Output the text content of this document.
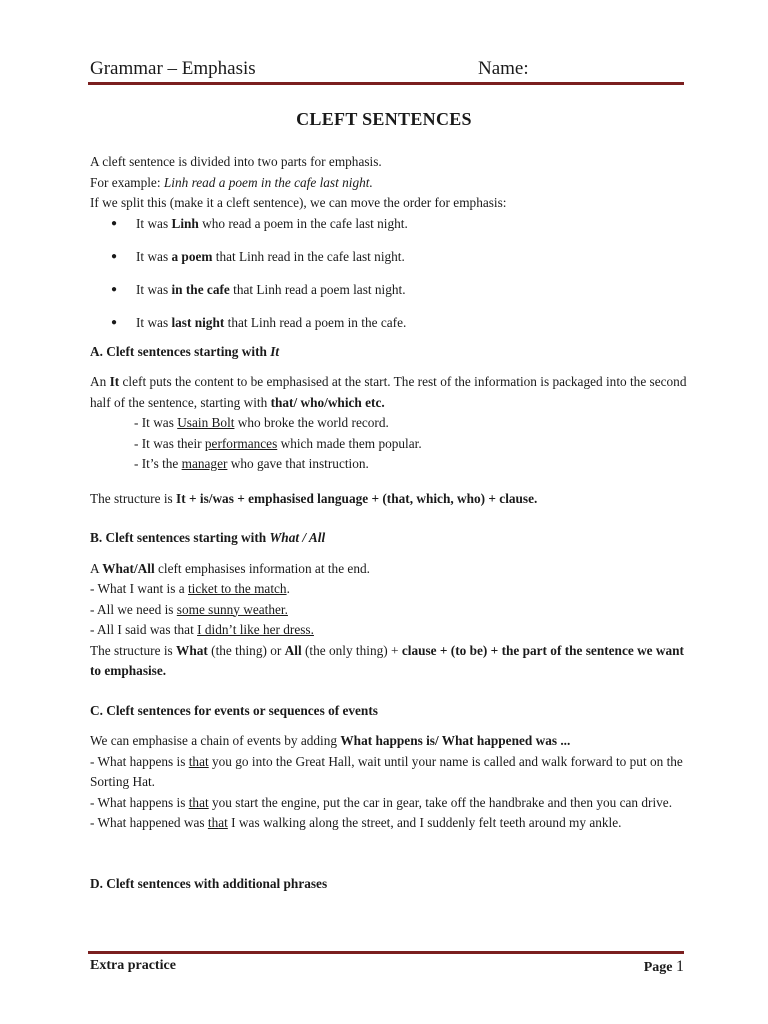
Grammar – Emphasis	Name:
CLEFT SENTENCES

A cleft sentence is divided into two parts for emphasis.

For example: Linh read a poem in the cafe last night.

If we split this (make it a cleft sentence), we can move the order for emphasis:

● It was Linh who read a poem in the cafe last night.
● It was a poem that Linh read in the cafe last night.
● It was in the cafe that Linh read a poem last night.
● It was last night that Linh read a poem in the cafe.

A. Cleft sentences starting with It

An It cleft puts the content to be emphasised at the start. The rest of the information is packaged into the second half of the sentence, starting with that/ who/which etc.

- It was Usain Bolt who broke the world record.

- It was their performances which made them popular.

- It’s the manager who gave that instruction.

The structure is It + is/was + emphasised language + (that, which, who) + clause.

B. Cleft sentences starting with What / All

A What/All cleft emphasises information at the end.

- What I want is a ticket to the match.

- All we need is some sunny weather.

- All I said was that I didn’t like her dress.

The structure is What (the thing) or All (the only thing) + clause + (to be) + the part of the sentence we want to emphasise.

C. Cleft sentences for events or sequences of events

We can emphasise a chain of events by adding What happens is/ What happened was ...

- What happens is that you go into the Great Hall, wait until your name is called and walk forward to put on the Sorting Hat.

- What happens is that you start the engine, put the car in gear, take off the handbrake and then you can drive.

- What happened was that I was walking along the street, and I suddenly felt teeth around my ankle.

D. Cleft sentences with additional phrases

Extra practice	Page 1
